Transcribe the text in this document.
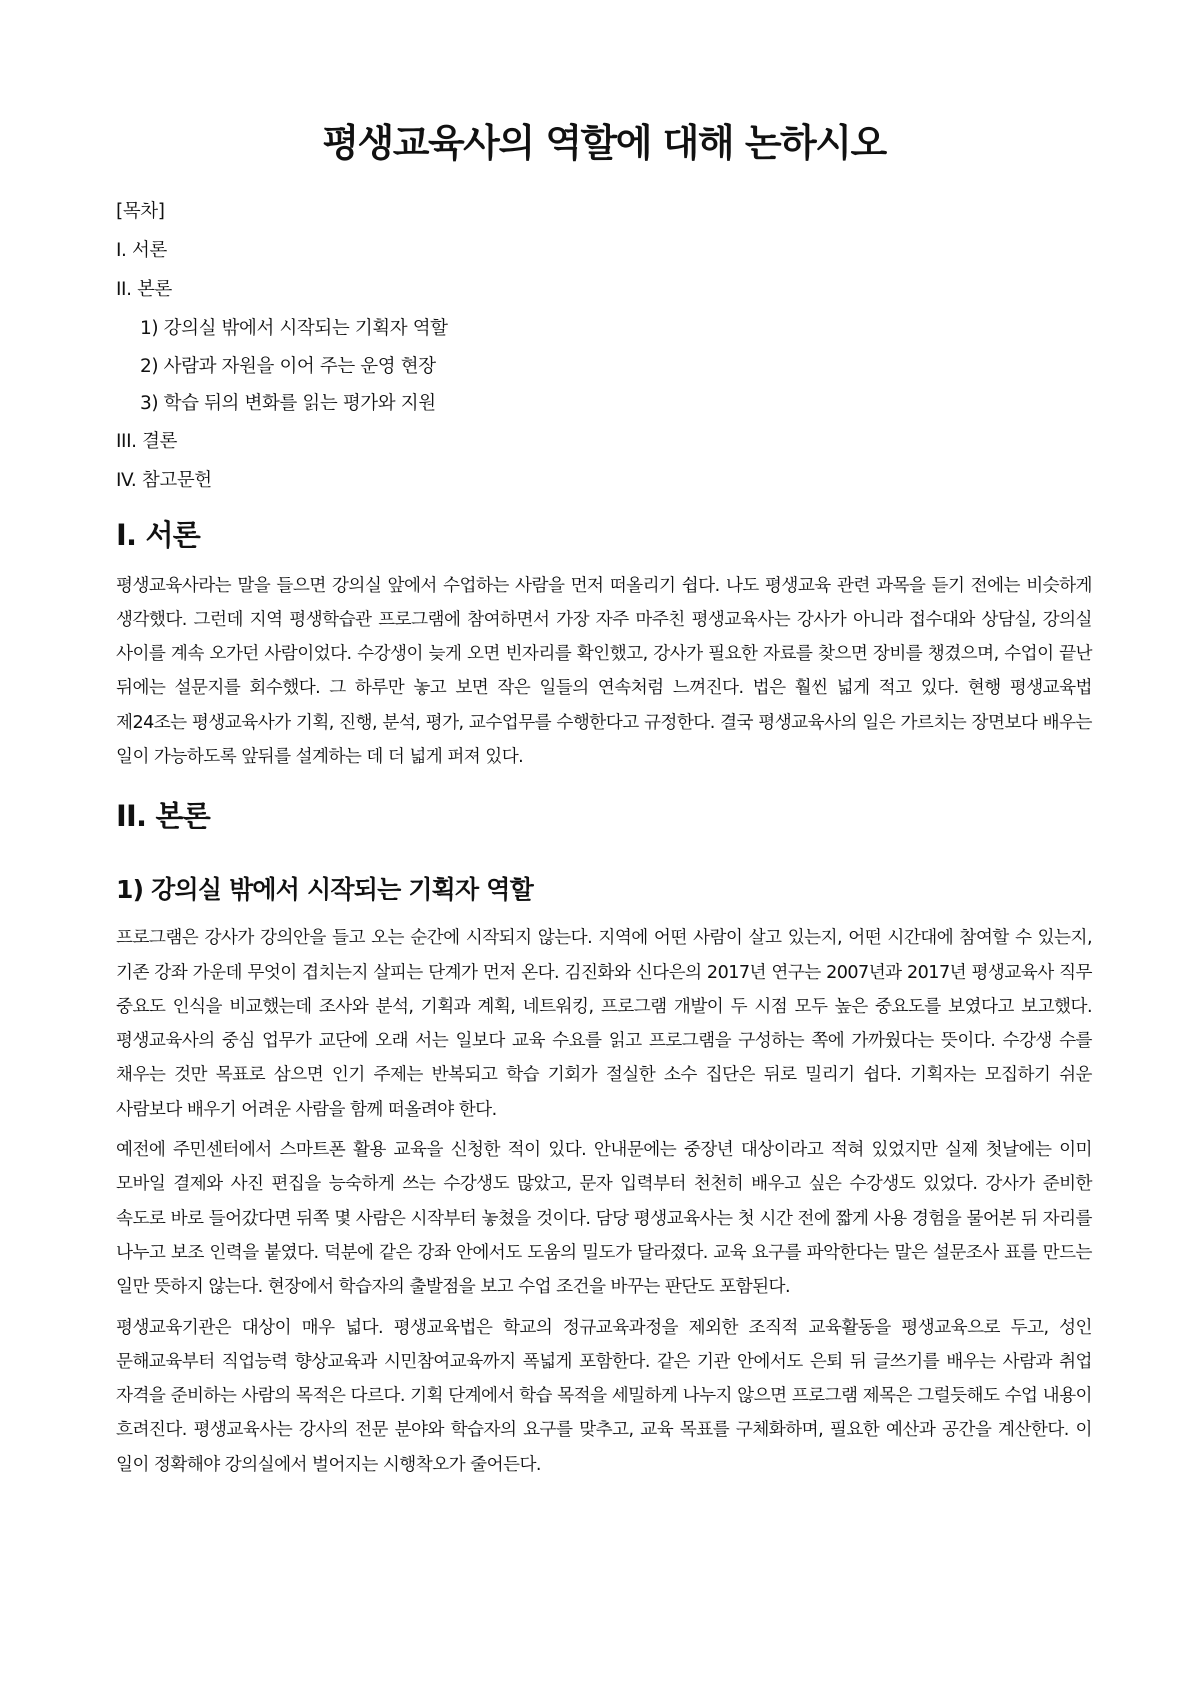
평생교육사의 역할에 대해 논하시오
[목차]
I. 서론
II. 본론
1) 강의실 밖에서 시작되는 기획자 역할
2) 사람과 자원을 이어 주는 운영 현장
3) 학습 뒤의 변화를 읽는 평가와 지원
III. 결론
IV. 참고문헌
I. 서론

평생교육사라는 말을 들으면 강의실 앞에서 수업하는 사람을 먼저 떠올리기 쉽다. 나도 평생교육 관련 과목을 듣기 전에는 비슷하게 생각했다. 그런데 지역 평생학습관 프로그램에 참여하면서 가장 자주 마주친 평생교육사는 강사가 아니라 접수대와 상담실, 강의실 사이를 계속 오가던 사람이었다. 수강생이 늦게 오면 빈자리를 확인했고, 강사가 필요한 자료를 찾으면 장비를 챙겼으며, 수업이 끝난 뒤에는 설문지를 회수했다. 그 하루만 놓고 보면 작은 일들의 연속처럼 느껴진다. 법은 훨씬 넓게 적고 있다. 현행 평생교육법 제24조는 평생교육사가 기획, 진행, 분석, 평가, 교수업무를 수행한다고 규정한다. 결국 평생교육사의 일은 가르치는 장면보다 배우는 일이 가능하도록 앞뒤를 설계하는 데 더 넓게 퍼져 있다.

II. 본론
1) 강의실 밖에서 시작되는 기획자 역할

프로그램은 강사가 강의안을 들고 오는 순간에 시작되지 않는다. 지역에 어떤 사람이 살고 있는지, 어떤 시간대에 참여할 수 있는지, 기존 강좌 가운데 무엇이 겹치는지 살피는 단계가 먼저 온다. 김진화와 신다은의 2017년 연구는 2007년과 2017년 평생교육사 직무 중요도 인식을 비교했는데 조사와 분석, 기획과 계획, 네트워킹, 프로그램 개발이 두 시점 모두 높은 중요도를 보였다고 보고했다. 평생교육사의 중심 업무가 교단에 오래 서는 일보다 교육 수요를 읽고 프로그램을 구성하는 쪽에 가까웠다는 뜻이다. 수강생 수를 채우는 것만 목표로 삼으면 인기 주제는 반복되고 학습 기회가 절실한 소수 집단은 뒤로 밀리기 쉽다. 기획자는 모집하기 쉬운 사람보다 배우기 어려운 사람을 함께 떠올려야 한다.

예전에 주민센터에서 스마트폰 활용 교육을 신청한 적이 있다. 안내문에는 중장년 대상이라고 적혀 있었지만 실제 첫날에는 이미 모바일 결제와 사진 편집을 능숙하게 쓰는 수강생도 많았고, 문자 입력부터 천천히 배우고 싶은 수강생도 있었다. 강사가 준비한 속도로 바로 들어갔다면 뒤쪽 몇 사람은 시작부터 놓쳤을 것이다. 담당 평생교육사는 첫 시간 전에 짧게 사용 경험을 물어본 뒤 자리를 나누고 보조 인력을 붙였다. 덕분에 같은 강좌 안에서도 도움의 밀도가 달라졌다. 교육 요구를 파악한다는 말은 설문조사 표를 만드는 일만 뜻하지 않는다. 현장에서 학습자의 출발점을 보고 수업 조건을 바꾸는 판단도 포함된다.

평생교육기관은 대상이 매우 넓다. 평생교육법은 학교의 정규교육과정을 제외한 조직적 교육활동을 평생교육으로 두고, 성인 문해교육부터 직업능력 향상교육과 시민참여교육까지 폭넓게 포함한다. 같은 기관 안에서도 은퇴 뒤 글쓰기를 배우는 사람과 취업 자격을 준비하는 사람의 목적은 다르다. 기획 단계에서 학습 목적을 세밀하게 나누지 않으면 프로그램 제목은 그럴듯해도 수업 내용이 흐려진다. 평생교육사는 강사의 전문 분야와 학습자의 요구를 맞추고, 교육 목표를 구체화하며, 필요한 예산과 공간을 계산한다. 이 일이 정확해야 강의실에서 벌어지는 시행착오가 줄어든다.
